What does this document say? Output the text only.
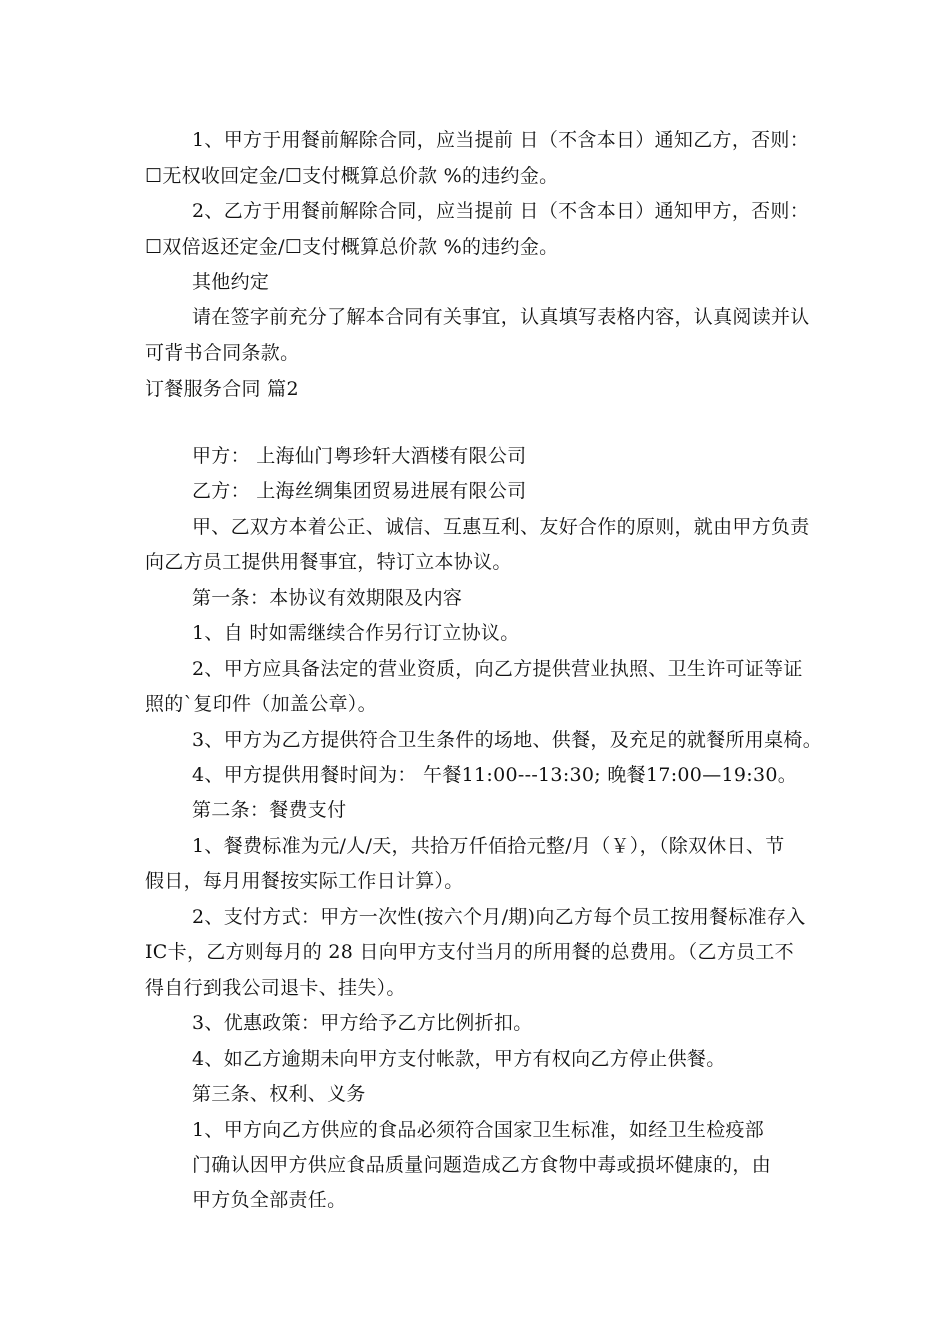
1、甲方于用餐前解除合同，应当提前 日（不含本日）通知乙方，否则：
☐无权收回定金/☐支付概算总价款 %的违约金。
2、乙方于用餐前解除合同，应当提前 日（不含本日）通知甲方，否则：
☐双倍返还定金/☐支付概算总价款 %的违约金。
其他约定
请在签字前充分了解本合同有关事宜，认真填写表格内容，认真阅读并认
可背书合同条款。
订餐服务合同 篇2
甲方： 上海仙门粤珍轩大酒楼有限公司
乙方： 上海丝绸集团贸易进展有限公司
甲、乙双方本着公正、诚信、互惠互利、友好合作的原则，就由甲方负责
向乙方员工提供用餐事宜，特订立本协议。
第一条：本协议有效期限及内容
1、自 时如需继续合作另行订立协议。
2、甲方应具备法定的营业资质，向乙方提供营业执照、卫生许可证等证
照的`复印件（加盖公章）。
3、甲方为乙方提供符合卫生条件的场地、供餐，及充足的就餐所用桌椅。
4、甲方提供用餐时间为： 午餐11:00---13:30; 晚餐17:00—19:30。
第二条：餐费支付
1、餐费标准为元/人/天，共拾万仟佰拾元整/月（￥），（除双休日、节
假日，每月用餐按实际工作日计算）。
2、支付方式：甲方一次性(按六个月/期)向乙方每个员工按用餐标准存入
IC卡，乙方则每月的 28 日向甲方支付当月的所用餐的总费用。（乙方员工不
得自行到我公司退卡、挂失）。
3、优惠政策：甲方给予乙方比例折扣。
4、如乙方逾期未向甲方支付帐款，甲方有权向乙方停止供餐。
第三条、权利、义务
1、甲方向乙方供应的食品必须符合国家卫生标准，如经卫生检疫部
门确认因甲方供应食品质量问题造成乙方食物中毒或损坏健康的，由
甲方负全部责任。
